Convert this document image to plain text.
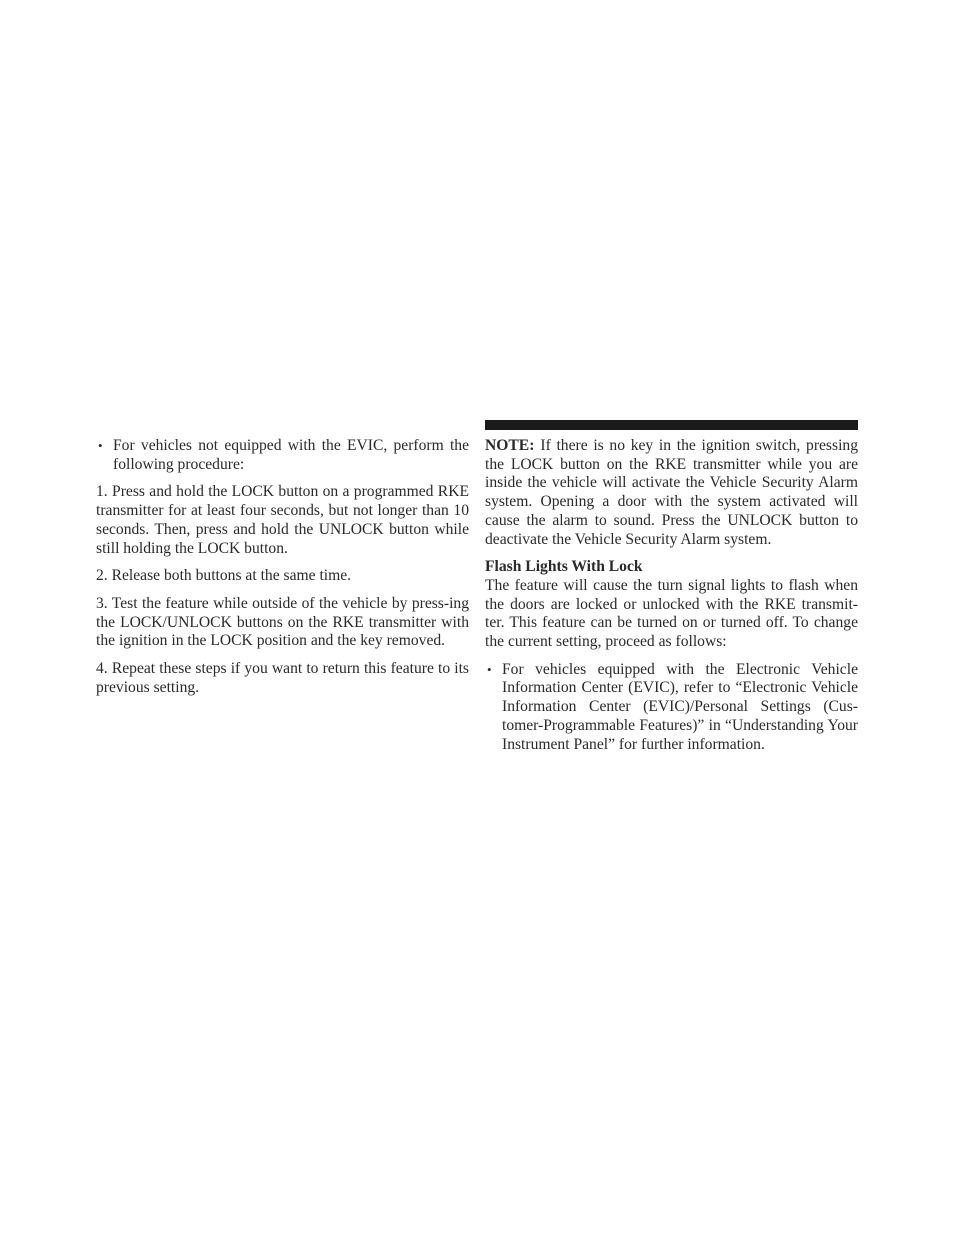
• For vehicles not equipped with the EVIC, perform the following procedure:

1. Press and hold the LOCK button on a programmed RKE transmitter for at least four seconds, but not longer than 10 seconds. Then, press and hold the UNLOCK button while still holding the LOCK button.

2. Release both buttons at the same time.

3. Test the feature while outside of the vehicle by press-ing the LOCK/UNLOCK buttons on the RKE transmitter with the ignition in the LOCK position and the key removed.

4. Repeat these steps if you want to return this feature to its previous setting.

NOTE: If there is no key in the ignition switch, pressing the LOCK button on the RKE transmitter while you are inside the vehicle will activate the Vehicle Security Alarm system. Opening a door with the system activated will cause the alarm to sound. Press the UNLOCK button to deactivate the Vehicle Security Alarm system.

Flash Lights With Lock

The feature will cause the turn signal lights to flash when the doors are locked or unlocked with the RKE transmit-ter. This feature can be turned on or turned off. To change the current setting, proceed as follows:

• For vehicles equipped with the Electronic Vehicle Information Center (EVIC), refer to “Electronic Vehicle Information Center (EVIC)/Personal Settings (Cus-tomer-Programmable Features)” in “Understanding Your Instrument Panel” for further information.
